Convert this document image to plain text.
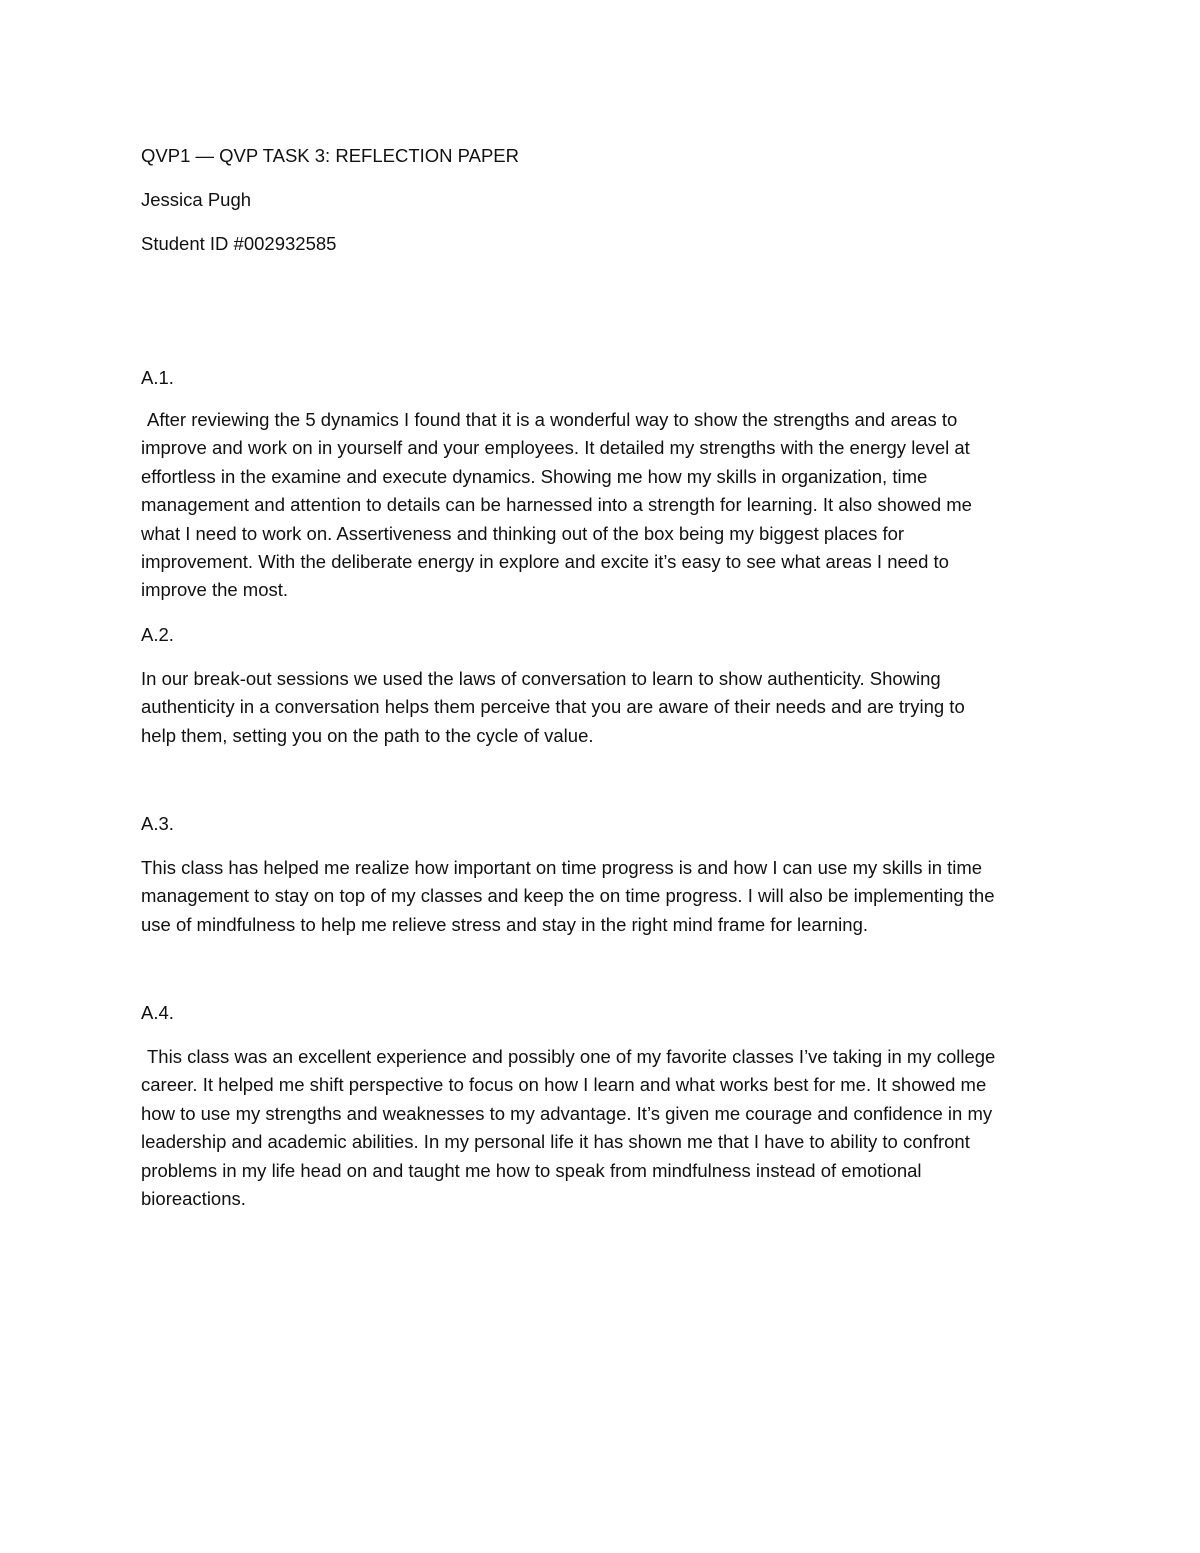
QVP1 — QVP TASK 3: REFLECTION PAPER

Jessica Pugh

Student ID #002932585

A.1.

After reviewing the 5 dynamics I found that it is a wonderful way to show the strengths and areas to
improve and work on in yourself and your employees. It detailed my strengths with the energy level at
effortless in the examine and execute dynamics. Showing me how my skills in organization, time
management and attention to details can be harnessed into a strength for learning. It also showed me
what I need to work on. Assertiveness and thinking out of the box being my biggest places for
improvement. With the deliberate energy in explore and excite it’s easy to see what areas I need to
improve the most.

A.2.

In our break-out sessions we used the laws of conversation to learn to show authenticity. Showing
authenticity in a conversation helps them perceive that you are aware of their needs and are trying to
help them, setting you on the path to the cycle of value.

A.3.

This class has helped me realize how important on time progress is and how I can use my skills in time
management to stay on top of my classes and keep the on time progress. I will also be implementing the
use of mindfulness to help me relieve stress and stay in the right mind frame for learning.

A.4.

This class was an excellent experience and possibly one of my favorite classes I’ve taking in my college
career. It helped me shift perspective to focus on how I learn and what works best for me. It showed me
how to use my strengths and weaknesses to my advantage. It’s given me courage and confidence in my
leadership and academic abilities. In my personal life it has shown me that I have to ability to confront
problems in my life head on and taught me how to speak from mindfulness instead of emotional
bioreactions.
